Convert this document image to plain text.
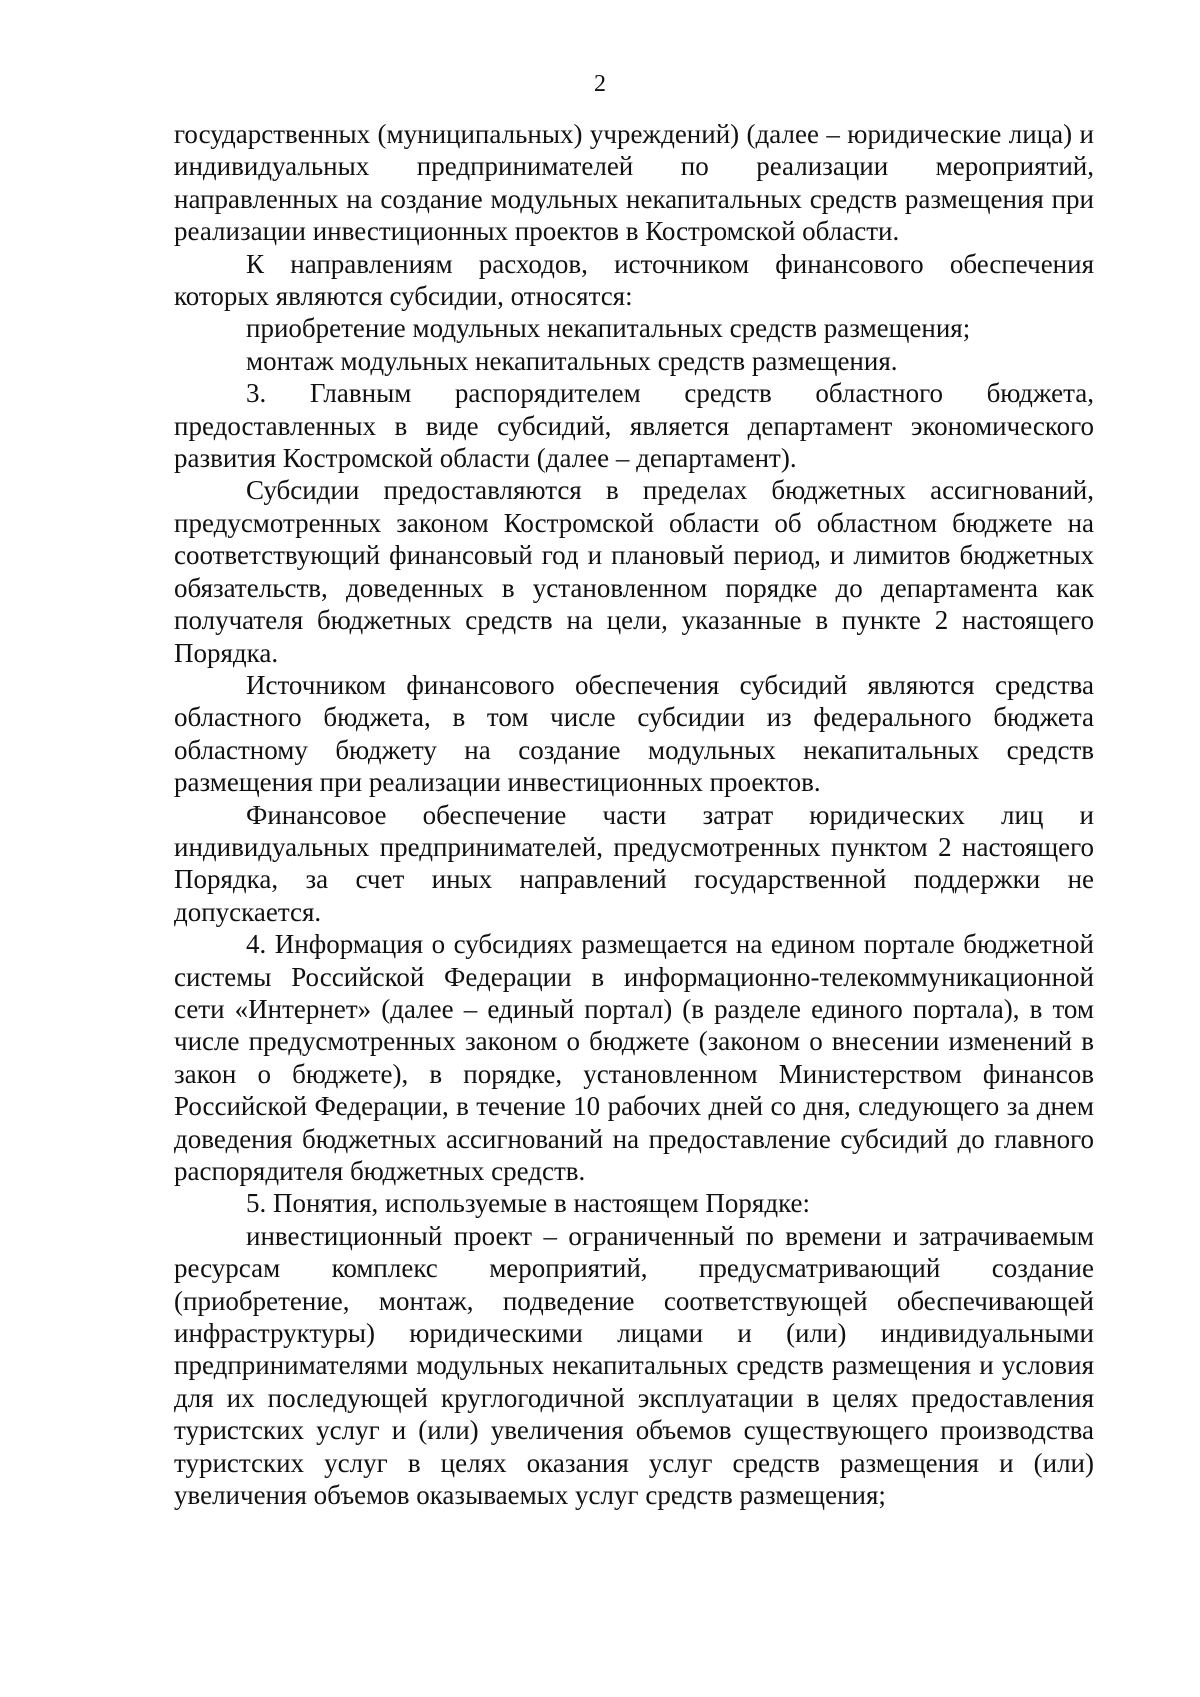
2

государственных (муниципальных) учреждений) (далее – юридические лица) и индивидуальных предпринимателей по реализации мероприятий, направленных на создание модульных некапитальных средств размещения при реализации инвестиционных проектов в Костромской области.

К направлениям расходов, источником финансового обеспечения которых являются субсидии, относятся:

приобретение модульных некапитальных средств размещения;

монтаж модульных некапитальных средств размещения.

3. Главным распорядителем средств областного бюджета, предоставленных в виде субсидий, является департамент экономического развития Костромской области (далее – департамент).

Субсидии предоставляются в пределах бюджетных ассигнований, предусмотренных законом Костромской области об областном бюджете на соответствующий финансовый год и плановый период, и лимитов бюджетных обязательств, доведенных в установленном порядке до департамента как получателя бюджетных средств на цели, указанные в пункте 2 настоящего Порядка.

Источником финансового обеспечения субсидий являются средства областного бюджета, в том числе субсидии из федерального бюджета областному бюджету на создание модульных некапитальных средств размещения при реализации инвестиционных проектов.

Финансовое обеспечение части затрат юридических лиц и индивидуальных предпринимателей, предусмотренных пунктом 2 настоящего Порядка, за счет иных направлений государственной поддержки не допускается.

4. Информация о субсидиях размещается на едином портале бюджетной системы Российской Федерации в информационно-телекоммуникационной сети «Интернет» (далее – единый портал) (в разделе единого портала), в том числе предусмотренных законом о бюджете (законом о внесении изменений в закон о бюджете), в порядке, установленном Министерством финансов Российской Федерации, в течение 10 рабочих дней со дня, следующего за днем доведения бюджетных ассигнований на предоставление субсидий до главного распорядителя бюджетных средств.

5. Понятия, используемые в настоящем Порядке:

инвестиционный проект – ограниченный по времени и затрачиваемым ресурсам комплекс мероприятий, предусматривающий создание (приобретение, монтаж, подведение соответствующей обеспечивающей инфраструктуры) юридическими лицами и (или) индивидуальными предпринимателями модульных некапитальных средств размещения и условия для их последующей круглогодичной эксплуатации в целях предоставления туристских услуг и (или) увеличения объемов существующего производства туристских услуг в целях оказания услуг средств размещения и (или) увеличения объемов оказываемых услуг средств размещения;
